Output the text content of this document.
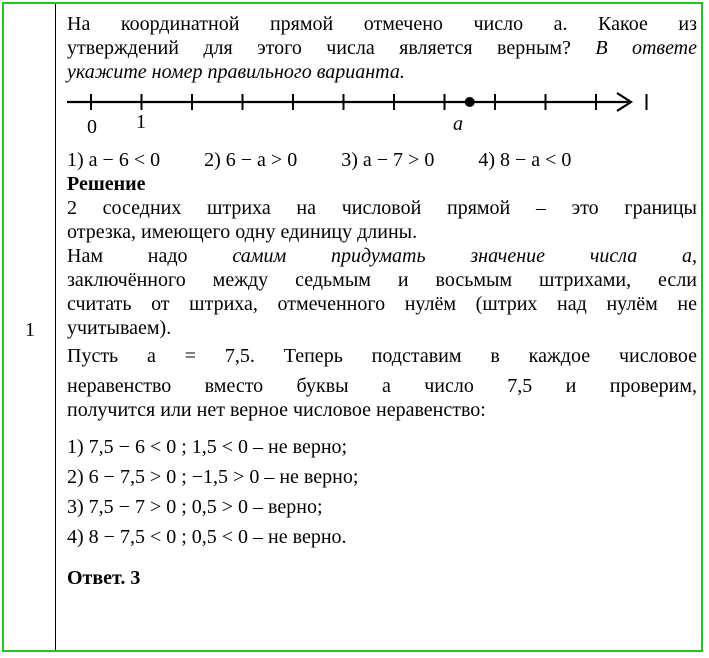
1

На координатной прямой отмечено число a. Какое из

утверждений для этого числа является верным? В ответе

укажите номер правильного варианта.

0 1	a
1) a − 6 < 0 2) 6 − a > 0 3) a − 7 > 0 4) 8 − a < 0

Решение

2 соседних штриха на числовой прямой – это границы

отрезка, имеющего одну единицу длины.

Нам надо самим придумать значение числа a,

заключённого между седьмым и восьмым штрихами, если

считать от штриха, отмеченного нулём (штрих над нулём не

учитываем).

Пусть a = 7,5. Теперь подставим в каждое числовое

неравенство вместо буквы a число 7,5 и проверим,

получится или нет верное числовое неравенство:

1) 7,5 − 6 < 0 ; 1,5 < 0 – не верно;

2) 6 − 7,5 > 0 ; −1,5 > 0 – не верно;

3) 7,5 − 7 > 0 ; 0,5 > 0 – верно;

4) 8 − 7,5 < 0 ; 0,5 < 0 – не верно.

Ответ. 3
